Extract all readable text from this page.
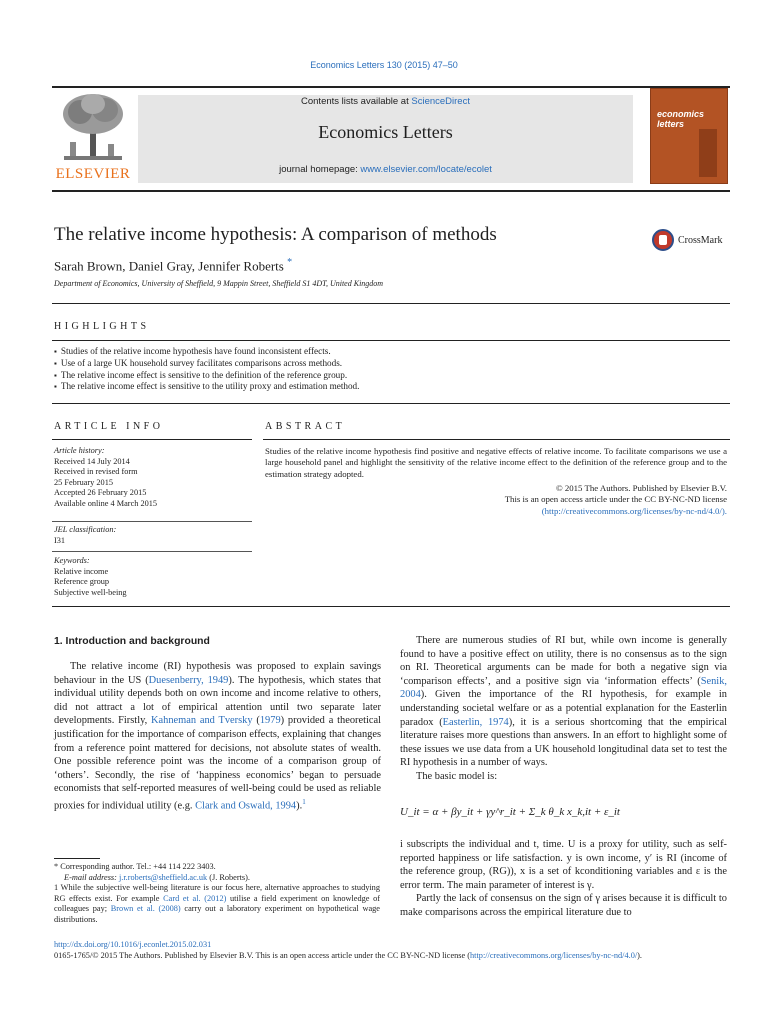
Economics Letters 130 (2015) 47–50
ELSEVIER
Contents lists available at ScienceDirect
Economics Letters
journal homepage: www.elsevier.com/locate/ecolet
economics letters
The relative income hypothesis: A comparison of methods	CrossMark
Sarah Brown, Daniel Gray, Jennifer Roberts *
Department of Economics, University of Sheffield, 9 Mappin Street, Sheffield S1 4DT, United Kingdom
HIGHLIGHTS
▪ Studies of the relative income hypothesis have found inconsistent effects.
▪ Use of a large UK household survey facilitates comparisons across methods.
▪ The relative income effect is sensitive to the definition of the reference group.
▪ The relative income effect is sensitive to the utility proxy and estimation method.
ARTICLE INFO
Article history:
Received 14 July 2014
Received in revised form
25 February 2015
Accepted 26 February 2015
Available online 4 March 2015
JEL classification:
I31
Keywords:
Relative income
Reference group
Subjective well-being
ABSTRACT
Studies of the relative income hypothesis find positive and negative effects of relative income. To facilitate comparisons we use a large household panel and highlight the sensitivity of the relative income effect to the definition of the reference group and to the estimation strategy adopted.
© 2015 The Authors. Published by Elsevier B.V.
This is an open access article under the CC BY-NC-ND license
(http://creativecommons.org/licenses/by-nc-nd/4.0/).
1. Introduction and background

The relative income (RI) hypothesis was proposed to explain savings behaviour in the US (Duesenberry, 1949). The hypothesis, which states that individual utility depends both on own income and income relative to others, did not attract a lot of empirical attention until two separate later developments. Firstly, Kahneman and Tversky (1979) provided a theoretical justification for the importance of comparison effects, explaining that changes from a reference point mattered for decisions, not absolute states of wealth. One possible reference point was the income of a comparison group of ‘others’. Secondly, the rise of ‘happiness economics’ began to persuade economists that self-reported measures of well-being could be used as reliable proxies for individual utility (e.g. Clark and Oswald, 1994).$^1$

There are numerous studies of RI but, while own income is generally found to have a positive effect on utility, there is no consensus as to the sign on RI. Theoretical arguments can be made for both a negative sign via ‘comparison effects’, and a positive sign via ‘information effects’ (Senik, 2004). Given the importance of the RI hypothesis, for example in understanding societal welfare or as a potential explanation for the Easterlin paradox (Easterlin, 1974), it is a serious shortcoming that the empirical literature raises more questions than answers. In an effort to highlight some of these issues we use data from a UK household longitudinal data set to test the RI hypothesis in a number of ways.

The basic model is:

U_it = α + βy_it + γy^r_it + Σ_k θ_k x_k,it + ε_it

i subscripts the individual and t, time. U is a proxy for utility, such as self-reported happiness or life satisfaction. y is own income, y′ is RI (income of the reference group, (RG)), x is a set of kconditioning variables and ε is the error term. The main parameter of interest is γ.

Partly the lack of consensus on the sign of γ arises because it is difficult to make comparisons across the empirical literature due to

* Corresponding author. Tel.: +44 114 222 3403.

E-mail address: j.r.roberts@sheffield.ac.uk (J. Roberts).

1 While the subjective well-being literature is our focus here, alternative approaches to studying RG effects exist. For example Card et al. (2012) utilise a field experiment on knowledge of colleagues pay; Brown et al. (2008) carry out a laboratory experiment on hypothetical wage distributions.

http://dx.doi.org/10.1016/j.econlet.2015.02.031
0165-1765/© 2015 The Authors. Published by Elsevier B.V. This is an open access article under the CC BY-NC-ND license (http://creativecommons.org/licenses/by-nc-nd/4.0/).
